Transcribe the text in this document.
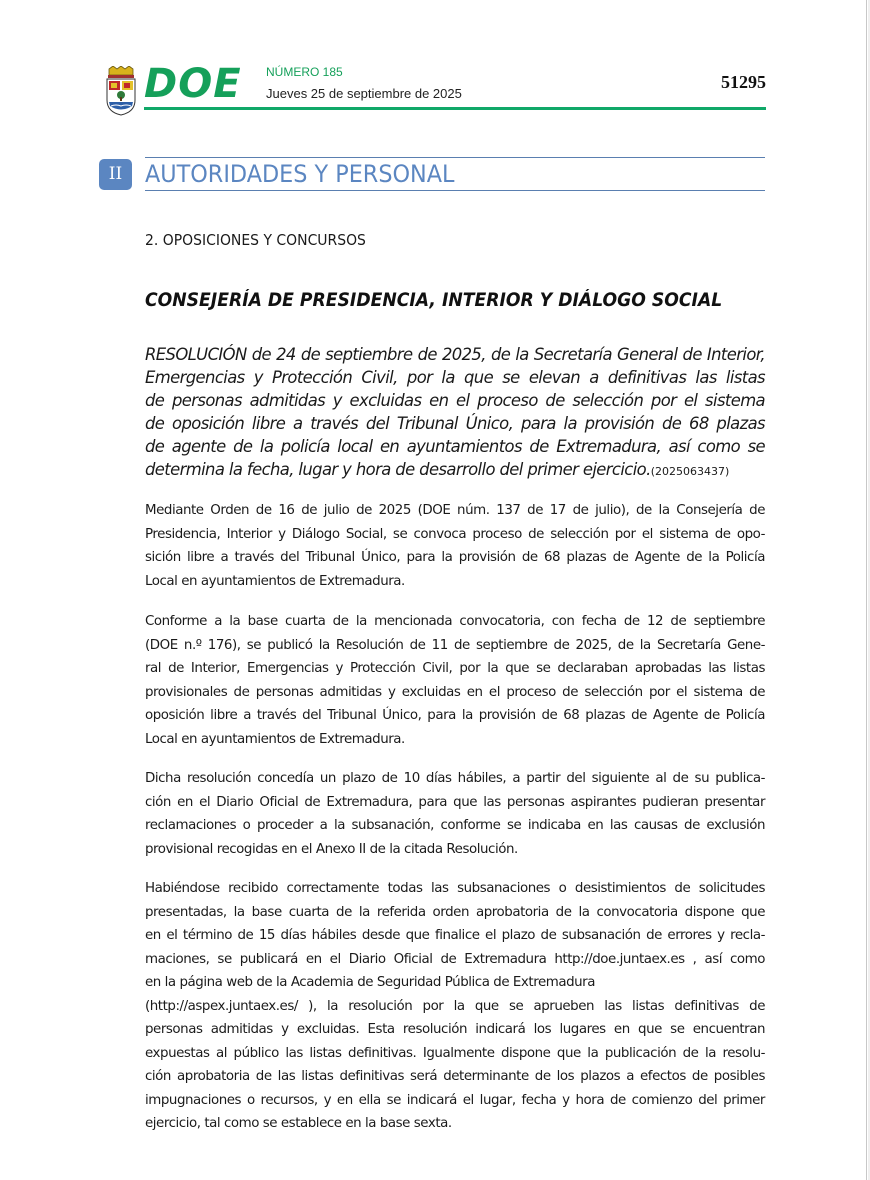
DOE NÚMERO 185
Jueves 25 de septiembre de 2025
51295
II AUTORIDADES Y PERSONAL
2. OPOSICIONES Y CONCURSOS
CONSEJERÍA DE PRESIDENCIA, INTERIOR Y DIÁLOGO SOCIAL
RESOLUCIÓN de 24 de septiembre de 2025, de la Secretaría General de Interior,
Emergencias y Protección Civil, por la que se elevan a definitivas las listas
de personas admitidas y excluidas en el proceso de selección por el sistema
de oposición libre a través del Tribunal Único, para la provisión de 68 plazas
de agente de la policía local en ayuntamientos de Extremadura, así como se
determina la fecha, lugar y hora de desarrollo del primer ejercicio.(2025063437)
Mediante Orden de 16 de julio de 2025 (DOE núm. 137 de 17 de julio), de la Consejería de
Presidencia, Interior y Diálogo Social, se convoca proceso de selección por el sistema de opo-
sición libre a través del Tribunal Único, para la provisión de 68 plazas de Agente de la Policía
Local en ayuntamientos de Extremadura.
Conforme a la base cuarta de la mencionada convocatoria, con fecha de 12 de septiembre
(DOE n.º 176), se publicó la Resolución de 11 de septiembre de 2025, de la Secretaría Gene-
ral de Interior, Emergencias y Protección Civil, por la que se declaraban aprobadas las listas
provisionales de personas admitidas y excluidas en el proceso de selección por el sistema de
oposición libre a través del Tribunal Único, para la provisión de 68 plazas de Agente de Policía
Local en ayuntamientos de Extremadura.
Dicha resolución concedía un plazo de 10 días hábiles, a partir del siguiente al de su publica-
ción en el Diario Oficial de Extremadura, para que las personas aspirantes pudieran presentar
reclamaciones o proceder a la subsanación, conforme se indicaba en las causas de exclusión
provisional recogidas en el Anexo II de la citada Resolución.
Habiéndose recibido correctamente todas las subsanaciones o desistimientos de solicitudes
presentadas, la base cuarta de la referida orden aprobatoria de la convocatoria dispone que
en el término de 15 días hábiles desde que finalice el plazo de subsanación de errores y recla-
maciones, se publicará en el Diario Oficial de Extremadura http://doe.juntaex.es , así como
en la página web de la Academia de Seguridad Pública de Extremadura
(http://aspex.juntaex.es/ ), la resolución por la que se aprueben las listas definitivas de
personas admitidas y excluidas. Esta resolución indicará los lugares en que se encuentran
expuestas al público las listas definitivas. Igualmente dispone que la publicación de la resolu-
ción aprobatoria de las listas definitivas será determinante de los plazos a efectos de posibles
impugnaciones o recursos, y en ella se indicará el lugar, fecha y hora de comienzo del primer
ejercicio, tal como se establece en la base sexta.
